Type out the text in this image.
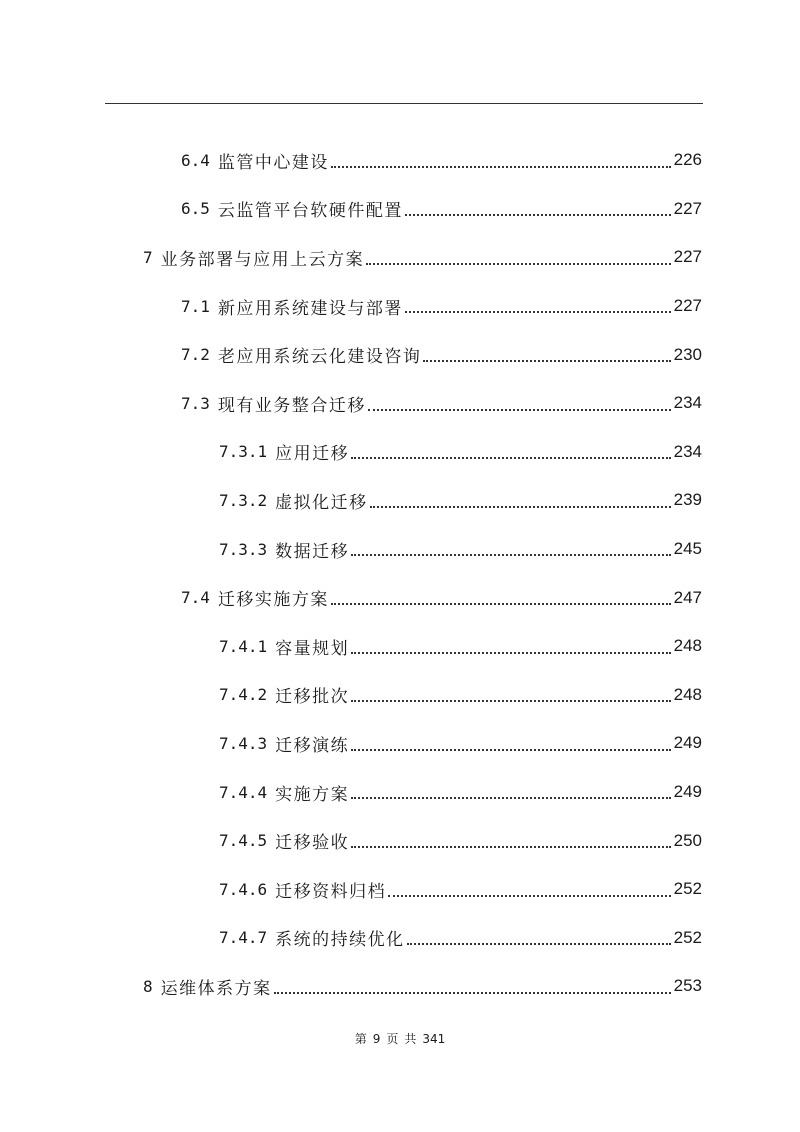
6.4 监管中心建设	226
6.5 云监管平台软硬件配置	227
7 业务部署与应用上云方案	227
7.1 新应用系统建设与部署	227
7.2 老应用系统云化建设咨询	230
7.3 现有业务整合迁移	234
7.3.1 应用迁移	234
7.3.2 虚拟化迁移	239
7.3.3 数据迁移	245
7.4 迁移实施方案	247
7.4.1 容量规划	248
7.4.2 迁移批次	248
7.4.3 迁移演练	249
7.4.4 实施方案	249
7.4.5 迁移验收	250
7.4.6 迁移资料归档	252
7.4.7 系统的持续优化	252
8 运维体系方案	253
第 9 页 共 341
